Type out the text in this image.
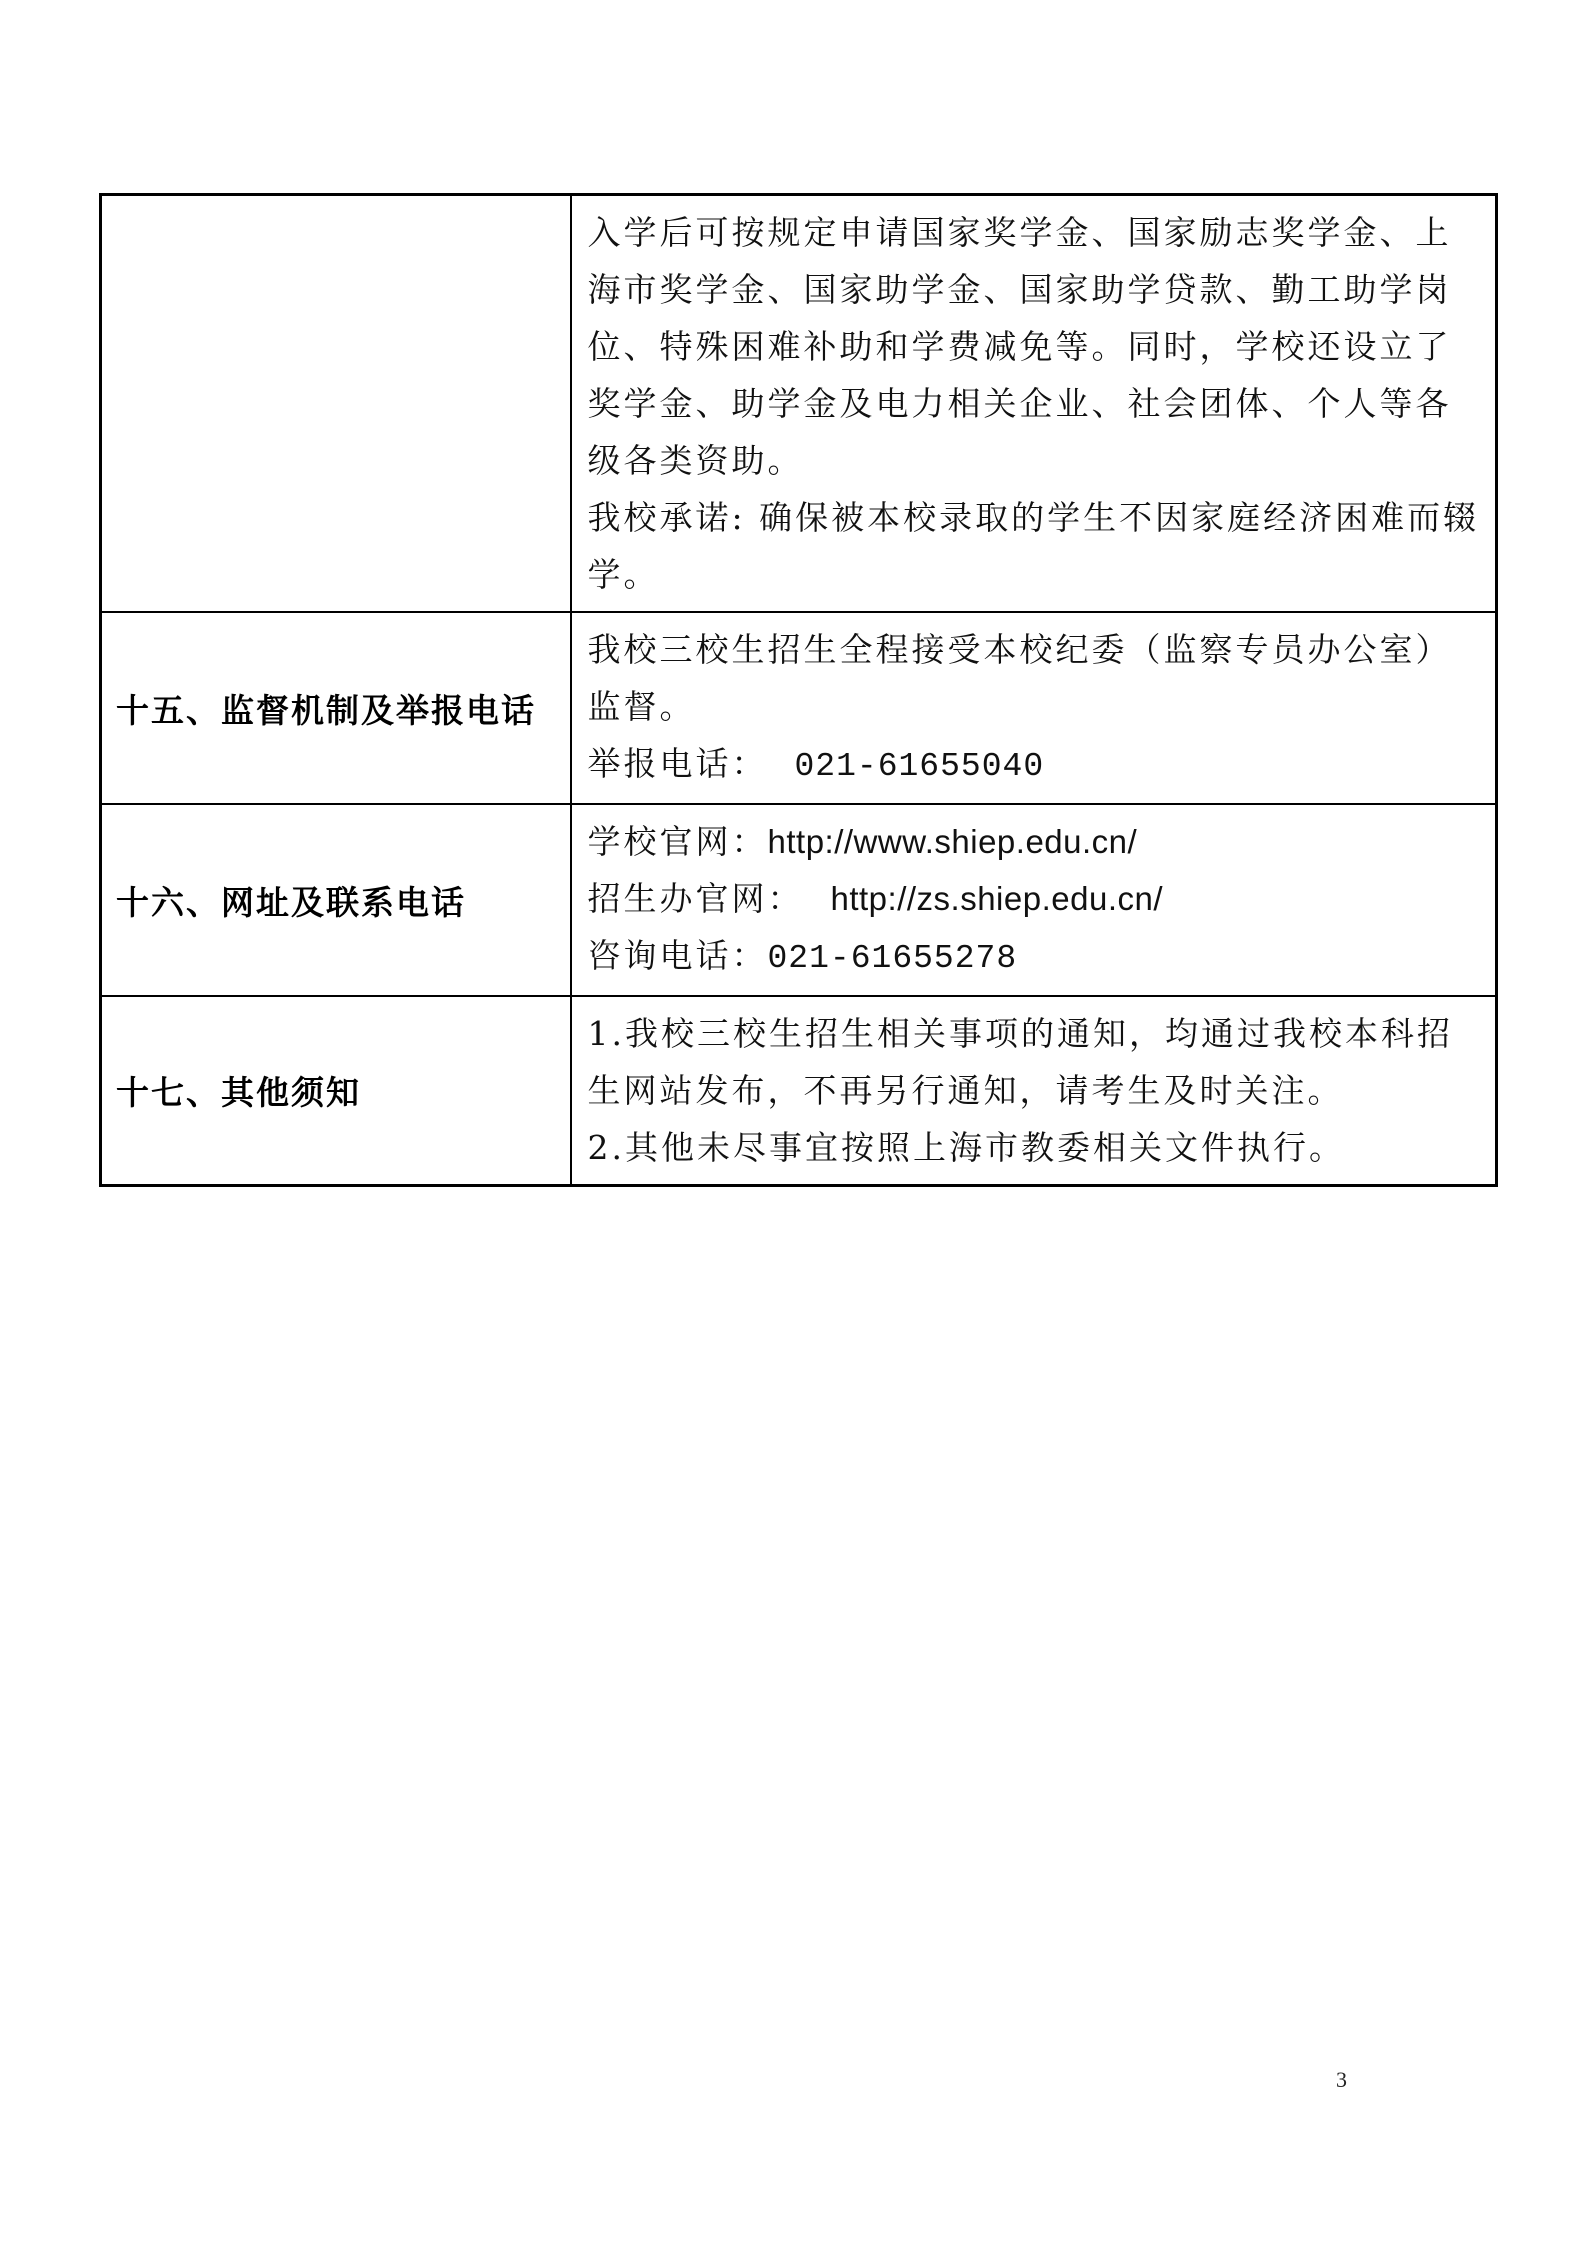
	入学后可按规定申请国家奖学金、国家励志奖学金、上海市奖学金、国家助学金、国家助学贷款、勤工助学岗位、特殊困难补助和学费减免等。同时，学校还设立了奖学金、助学金及电力相关企业、社会团体、个人等各级各类资助。
我校承诺: 确保被本校录取的学生不因家庭经济困难而辍学。

十五、监督机制及举报电话	我校三校生招生全程接受本校纪委（监察专员办公室）监督。
举报电话： 021-61655040

十六、网址及联系电话	学校官网：http://www.shiep.edu.cn/
招生办官网： http://zs.shiep.edu.cn/
咨询电话：021-61655278

十七、其他须知	1.我校三校生招生相关事项的通知，均通过我校本科招生网站发布，不再另行通知，请考生及时关注。
2.其他未尽事宜按照上海市教委相关文件执行。
3
